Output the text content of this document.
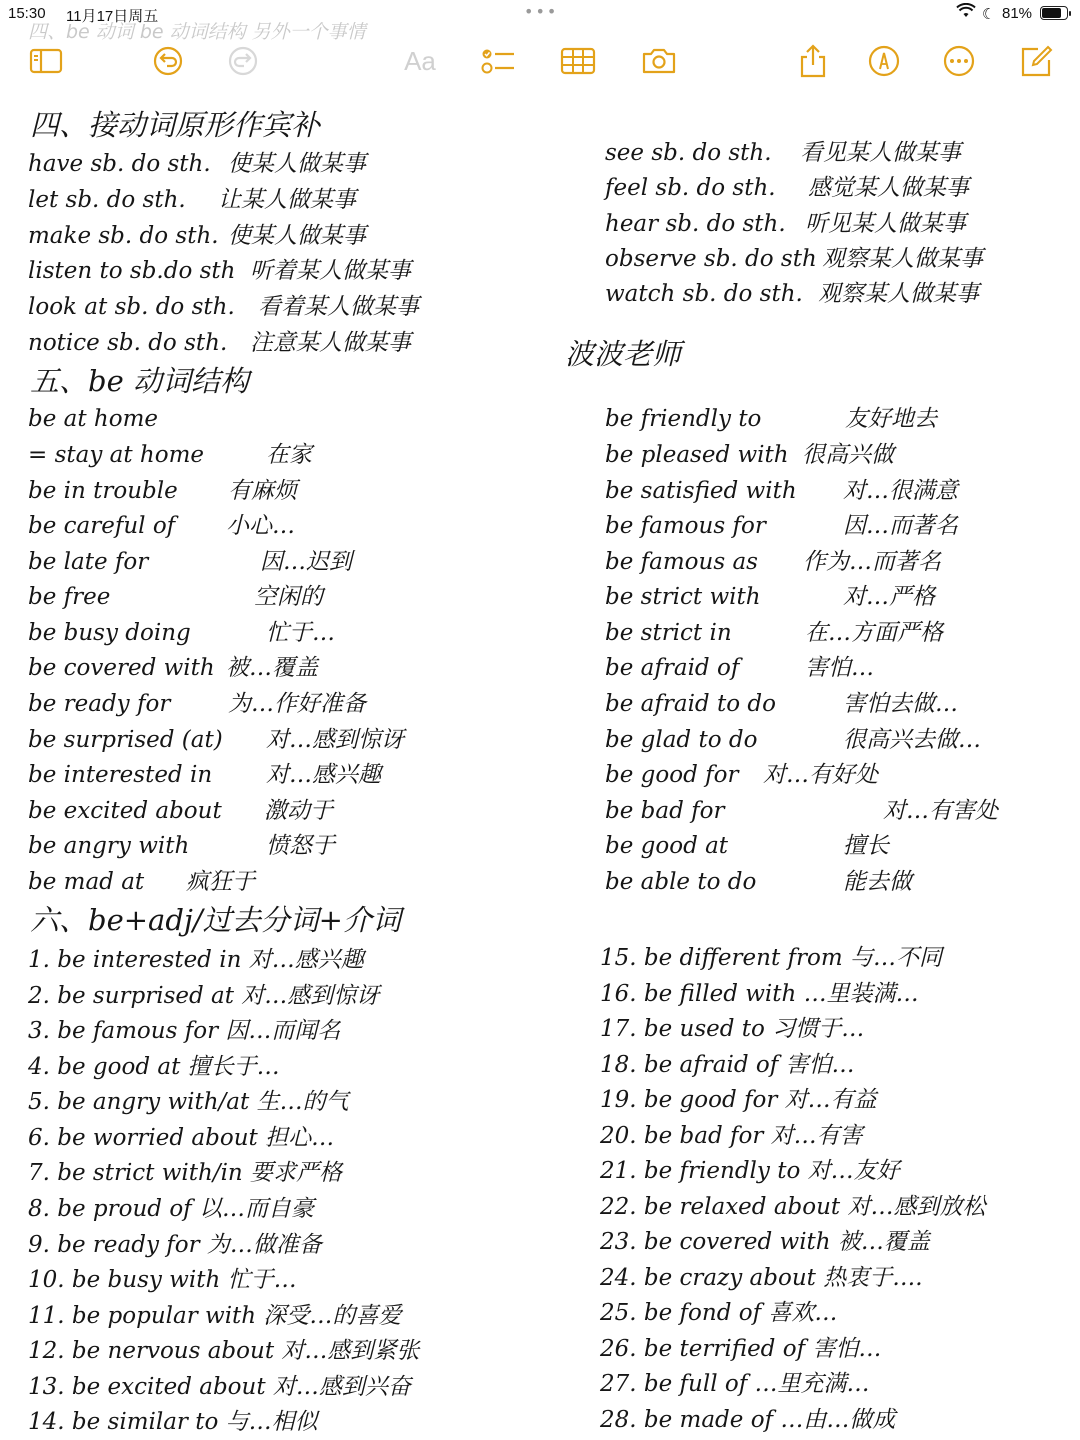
15:30 11月17日周五	•••	☾ 81%
四、be 动词 be 动词结构 另外一个事情
Aa
四、接动词原形作宾补
have sb. do sth. 使某人做某事
let sb. do sth. 让某人做某事
make sb. do sth. 使某人做某事
listen to sb.do sth 听着某人做某事
look at sb. do sth. 看着某人做某事
notice sb. do sth. 注意某人做某事
see sb. do sth. 看见某人做某事
feel sb. do sth. 感觉某人做某事
hear sb. do sth. 听见某人做某事
observe sb. do sth 观察某人做某事
watch sb. do sth. 观察某人做某事
波波老师
五、be 动词结构
be at home
= stay at home	在家
be in trouble 有麻烦
be careful of 小心…
be late for	因…迟到
be free	空闲的
be busy doing	忙于…
be covered with 被…覆盖
be ready for	为…作好准备
be surprised (at) 对…感到惊讶
be interested in 对…感兴趣
be excited about 激动于
be angry with	愤怒于
be mad at 疯狂于
be friendly to	友好地去
be pleased with 很高兴做
be satisfied with 对…很满意
be famous for	因…而著名
be famous as 作为…而著名
be strict with	对…严格
be strict in	在…方面严格
be afraid of	害怕…
be afraid to do	害怕去做…
be glad to do	很高兴去做…
be good for 对…有好处
be bad for	对…有害处
be good at	擅长
be able to do	能去做
六、be+adj/过去分词+介词
1. be interested in 对…感兴趣
2. be surprised at 对…感到惊讶
3. be famous for 因…而闻名
4. be good at 擅长于…
5. be angry with/at 生…的气
6. be worried about 担心…
7. be strict with/in 要求严格
8. be proud of 以…而自豪
9. be ready for 为…做准备
10. be busy with 忙于…
11. be popular with 深受…的喜爱
12. be nervous about 对…感到紧张
13. be excited about 对…感到兴奋
14. be similar to 与…相似
15. be different from 与…不同
16. be filled with …里装满…
17. be used to 习惯于…
18. be afraid of 害怕…
19. be good for 对…有益
20. be bad for 对…有害
21. be friendly to 对…友好
22. be relaxed about 对…感到放松
23. be covered with 被…覆盖
24. be crazy about 热衷于….
25. be fond of 喜欢…
26. be terrified of 害怕…
27. be full of …里充满…
28. be made of …由…做成
